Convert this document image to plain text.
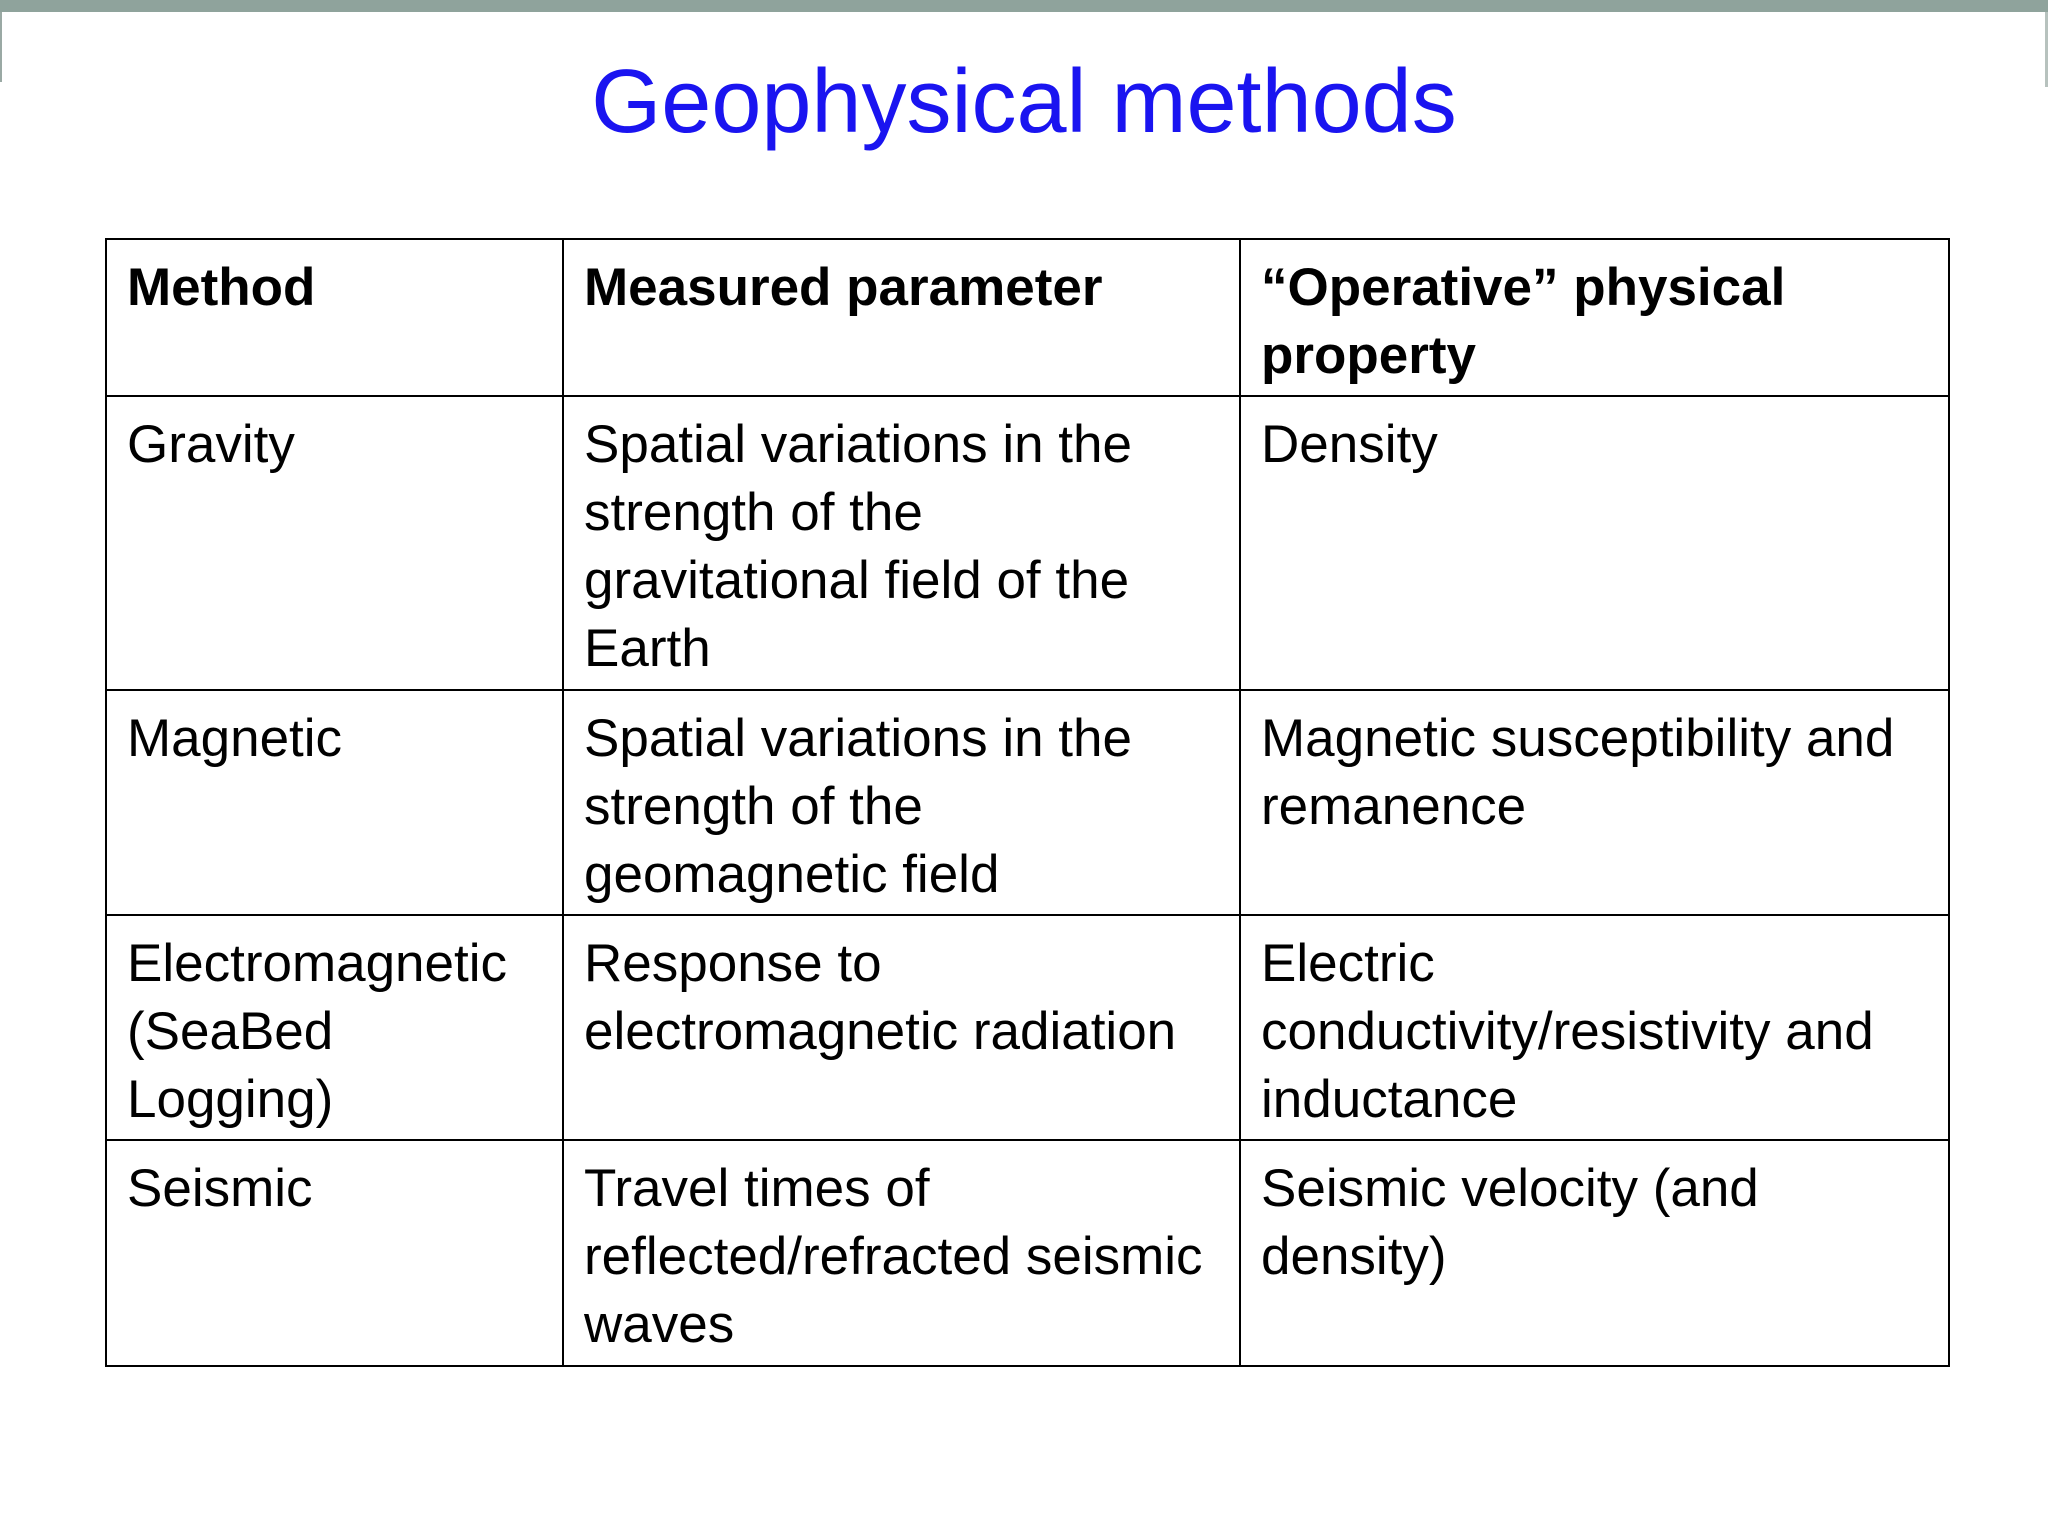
Geophysical methods
Method	Measured parameter	“Operative” physical property
Gravity	Spatial variations in the strength of the gravitational field of the Earth	Density
Magnetic	Spatial variations in the strength of the geomagnetic field	Magnetic susceptibility and remanence
Electromagnetic (SeaBed Logging)	Response to electromagnetic radiation	Electric conductivity/resistivity and inductance
Seismic	Travel times of reflected/refracted seismic waves	Seismic velocity (and density)
